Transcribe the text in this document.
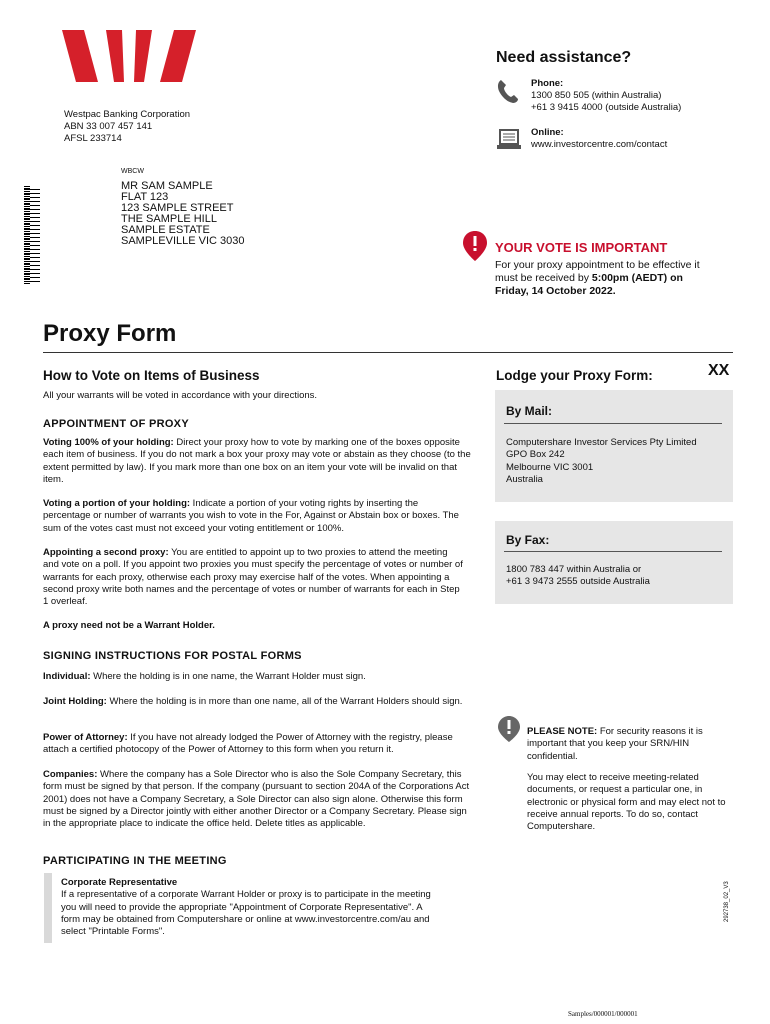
Westpac Banking Corporation
ABN 33 007 457 141
AFSL 233714
Need assistance?
Phone:
1300 850 505 (within Australia)
+61 3 9415 4000 (outside Australia)
Online:
www.investorcentre.com/contact
WBCW
MR SAM SAMPLE
FLAT 123
123 SAMPLE STREET
THE SAMPLE HILL
SAMPLE ESTATE
SAMPLEVILLE VIC 3030	YOUR VOTE IS IMPORTANT
For your proxy appointment to be effective it
must be received by 5:00pm (AEDT) on
Friday, 14 October 2022.
Proxy Form
How to Vote on Items of Business
All your warrants will be voted in accordance with your directions.
APPOINTMENT OF PROXY
Voting 100% of your holding: Direct your proxy how to vote by marking one of the boxes opposite each item of business. If you do not mark a box your proxy may vote or abstain as they choose (to the extent permitted by law). If you mark more than one box on an item your vote will be invalid on that item.
Voting a portion of your holding: Indicate a portion of your voting rights by inserting the percentage or number of warrants you wish to vote in the For, Against or Abstain box or boxes. The sum of the votes cast must not exceed your voting entitlement or 100%.
Appointing a second proxy: You are entitled to appoint up to two proxies to attend the meeting and vote on a poll. If you appoint two proxies you must specify the percentage of votes or number of warrants for each proxy, otherwise each proxy may exercise half of the votes. When appointing a second proxy write both names and the percentage of votes or number of warrants for each in Step 1 overleaf.
A proxy need not be a Warrant Holder.
SIGNING INSTRUCTIONS FOR POSTAL FORMS
Individual: Where the holding is in one name, the Warrant Holder must sign.
Joint Holding: Where the holding is in more than one name, all of the Warrant Holders should sign.
Power of Attorney: If you have not already lodged the Power of Attorney with the registry, please attach a certified photocopy of the Power of Attorney to this form when you return it.
Companies: Where the company has a Sole Director who is also the Sole Company Secretary, this form must be signed by that person. If the company (pursuant to section 204A of the Corporations Act 2001) does not have a Company Secretary, a Sole Director can also sign alone. Otherwise this form must be signed by a Director jointly with either another Director or a Company Secretary. Please sign in the appropriate place to indicate the office held. Delete titles as applicable.
PARTICIPATING IN THE MEETING
Corporate Representative
If a representative of a corporate Warrant Holder or proxy is to participate in the meeting you will need to provide the appropriate "Appointment of Corporate Representative". A form may be obtained from Computershare or online at www.investorcentre.com/au and select "Printable Forms".
Lodge your Proxy Form:	XX
By Mail:
Computershare Investor Services Pty Limited
GPO Box 242
Melbourne VIC 3001
Australia
By Fax:
1800 783 447 within Australia or
+61 3 9473 2555 outside Australia
PLEASE NOTE: For security reasons it is important that you keep your SRN/HIN confidential.
You may elect to receive meeting-related documents, or request a particular one, in electronic or physical form and may elect not to receive annual reports. To do so, contact Computershare.
292738_02_V3
Samples/000001/000001
